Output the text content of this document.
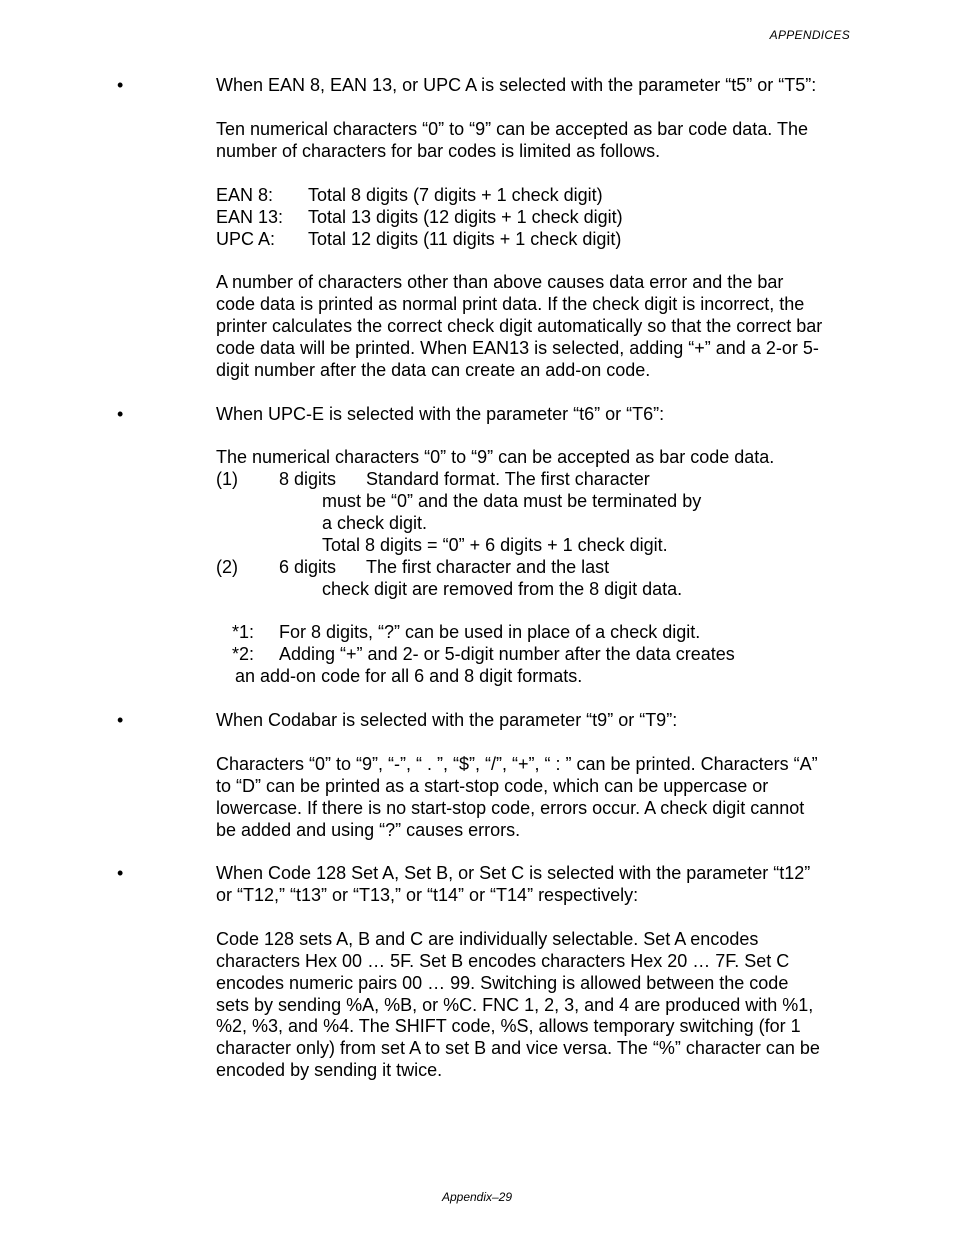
APPENDICES
•	When EAN 8, EAN 13, or UPC A is selected with the parameter “t5” or “T5”:
Ten numerical characters “0” to “9” can be accepted as bar code data. The
number of characters for bar codes is limited as follows.
EAN 8: Total 8 digits (7 digits + 1 check digit)
EAN 13: Total 13 digits (12 digits + 1 check digit)
UPC A: Total 12 digits (11 digits + 1 check digit)
A number of characters other than above causes data error and the bar
code data is printed as normal print data. If the check digit is incorrect, the
printer calculates the correct check digit automatically so that the correct bar
code data will be printed. When EAN13 is selected, adding “+” and a 2-or 5-
digit number after the data can create an add-on code.
•	When UPC-E is selected with the parameter “t6” or “T6”:
The numerical characters “0” to “9” can be accepted as bar code data.
(1) 8 digits Standard format. The first character
must be “0” and the data must be terminated by
a check digit.
Total 8 digits = “0” + 6 digits + 1 check digit.
(2) 6 digits The first character and the last
check digit are removed from the 8 digit data.
*1: For 8 digits, “?” can be used in place of a check digit.
*2: Adding “+” and 2- or 5-digit number after the data creates
an add-on code for all 6 and 8 digit formats.
•	When Codabar is selected with the parameter “t9” or “T9”:
Characters “0” to “9”, “-”, “ . ”, “$”, “/”, “+”, “ : ” can be printed. Characters “A”
to “D” can be printed as a start-stop code, which can be uppercase or
lowercase. If there is no start-stop code, errors occur. A check digit cannot
be added and using “?” causes errors.
•	When Code 128 Set A, Set B, or Set C is selected with the parameter “t12”
or “T12,” “t13” or “T13,” or “t14” or “T14” respectively:
Code 128 sets A, B and C are individually selectable. Set A encodes
characters Hex 00 … 5F. Set B encodes characters Hex 20 … 7F. Set C
encodes numeric pairs 00 … 99. Switching is allowed between the code
sets by sending %A, %B, or %C. FNC 1, 2, 3, and 4 are produced with %1,
%2, %3, and %4. The SHIFT code, %S, allows temporary switching (for 1
character only) from set A to set B and vice versa. The “%” character can be
encoded by sending it twice.
Appendix–29
